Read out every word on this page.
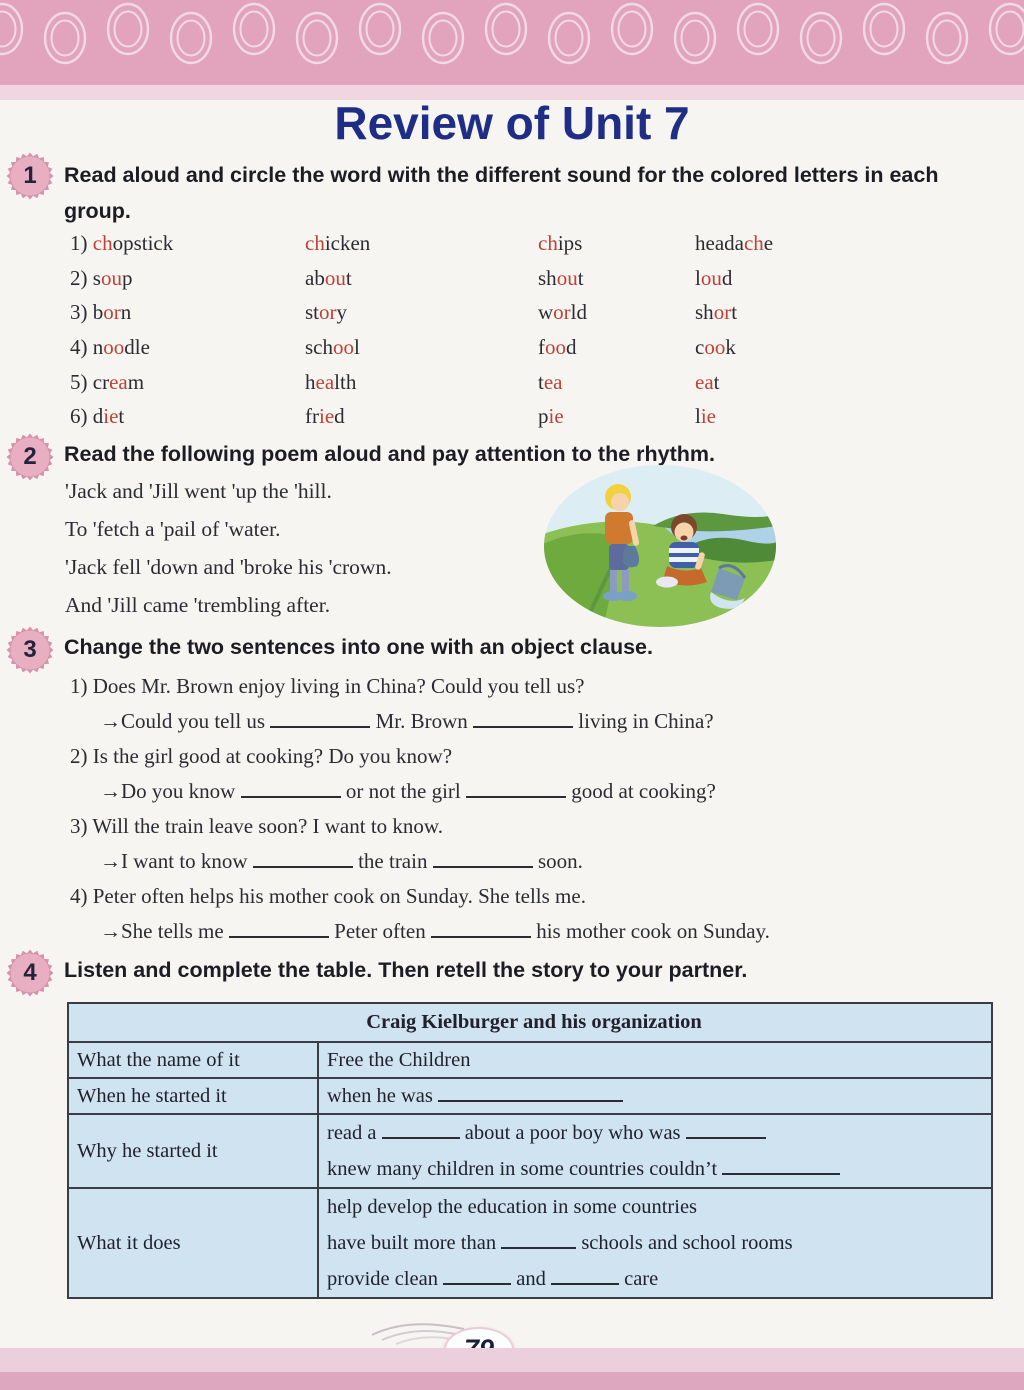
Review of Unit 7
1	Read aloud and circle the word with the different sound for the colored letters in each group.
1) chopstick	chicken	chips	headache
2) soup	about	shout	loud
3) born	story	world	short
4) noodle	school	food	cook
5) cream	health	tea	eat
6) diet	fried	pie	lie
2	Read the following poem aloud and pay attention to the rhythm.
'Jack and 'Jill went 'up the 'hill.
To 'fetch a 'pail of 'water.
'Jack fell 'down and 'broke his 'crown.
And 'Jill came 'trembling after.
3	Change the two sentences into one with an object clause.
1) Does Mr. Brown enjoy living in China? Could you tell us?
→Could you tell us	Mr. Brown	living in China?
2) Is the girl good at cooking? Do you know?
→Do you know	or not the girl	good at cooking?
3) Will the train leave soon? I want to know.
→I want to know	the train	soon.
4) Peter often helps his mother cook on Sunday. She tells me.
→She tells me	Peter often	his mother cook on Sunday.
4	Listen and complete the table. Then retell the story to your partner.
Craig Kielburger and his organization	
What the name of it	Free the Children

When he started it	when he was

Why he started it	read a about a poor boy who was
knew many children in some countries couldn’t

What it does	help develop the education in some countries
have built more than schools and school rooms
provide clean and care
